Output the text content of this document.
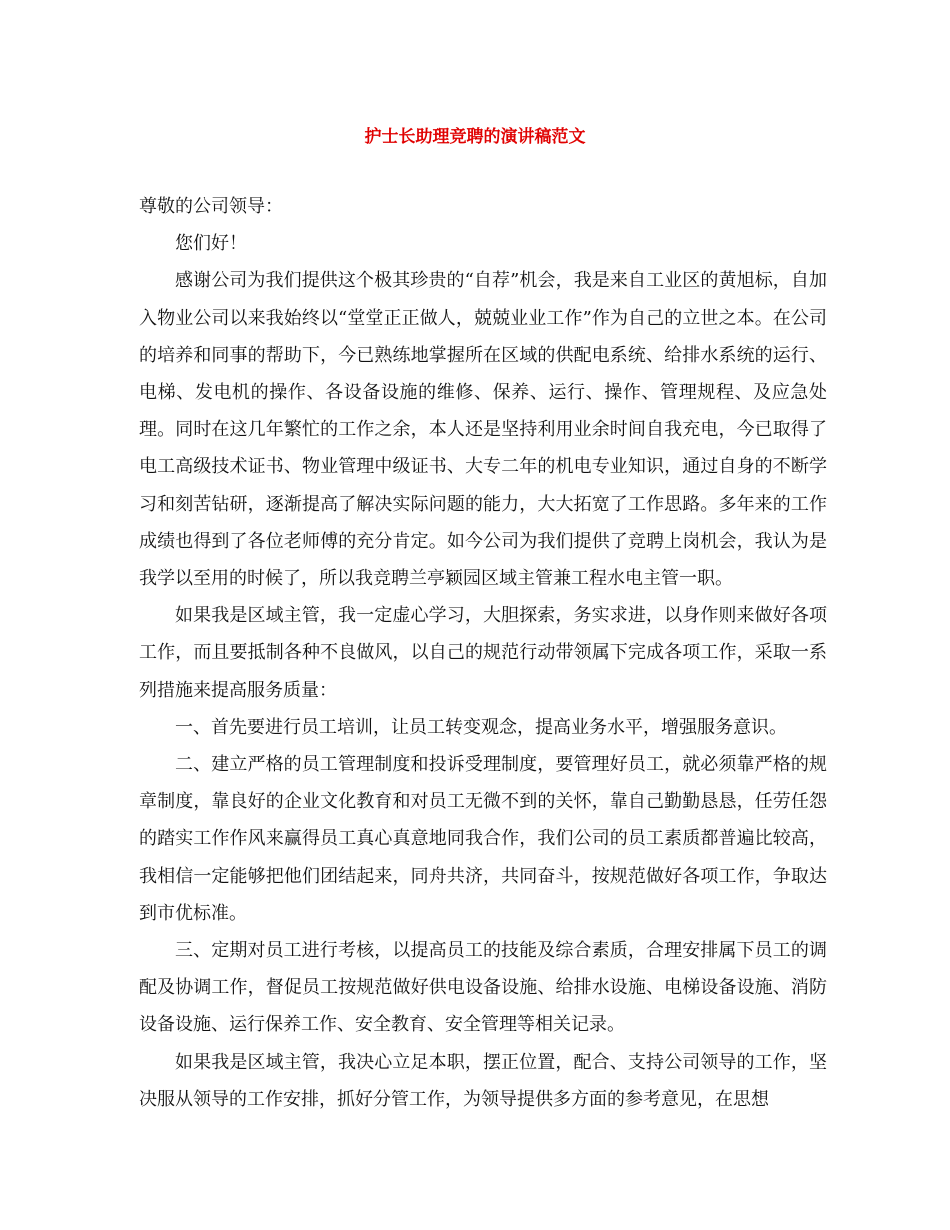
护士长助理竞聘的演讲稿范文

尊敬的公司领导：

您们好！

感谢公司为我们提供这个极其珍贵的“自荐”机会，我是来自工业区的黄旭标，自加入物业公司以来我始终以“堂堂正正做人，兢兢业业工作”作为自己的立世之本。在公司的培养和同事的帮助下，今已熟练地掌握所在区域的供配电系统、给排水系统的运行、电梯、发电机的操作、各设备设施的维修、保养、运行、操作、管理规程、及应急处理。同时在这几年繁忙的工作之余，本人还是坚持利用业余时间自我充电，今已取得了电工高级技术证书、物业管理中级证书、大专二年的机电专业知识，通过自身的不断学习和刻苦钻研，逐渐提高了解决实际问题的能力，大大拓宽了工作思路。多年来的工作成绩也得到了各位老师傅的充分肯定。如今公司为我们提供了竞聘上岗机会，我认为是我学以至用的时候了，所以我竞聘兰亭颖园区域主管兼工程水电主管一职。

如果我是区域主管，我一定虚心学习，大胆探索，务实求进，以身作则来做好各项工作，而且要抵制各种不良做风，以自己的规范行动带领属下完成各项工作，采取一系列措施来提高服务质量：

一、首先要进行员工培训，让员工转变观念，提高业务水平，增强服务意识。

二、建立严格的员工管理制度和投诉受理制度，要管理好员工，就必须靠严格的规章制度，靠良好的企业文化教育和对员工无微不到的关怀，靠自己勤勤恳恳，任劳任怨的踏实工作作风来赢得员工真心真意地同我合作，我们公司的员工素质都普遍比较高，我相信一定能够把他们团结起来，同舟共济，共同奋斗，按规范做好各项工作，争取达到市优标准。

三、定期对员工进行考核，以提高员工的技能及综合素质，合理安排属下员工的调配及协调工作，督促员工按规范做好供电设备设施、给排水设施、电梯设备设施、消防设备设施、运行保养工作、安全教育、安全管理等相关记录。

如果我是区域主管，我决心立足本职，摆正位置，配合、支持公司领导的工作，坚决服从领导的工作安排，抓好分管工作，为领导提供多方面的参考意见，在思想
